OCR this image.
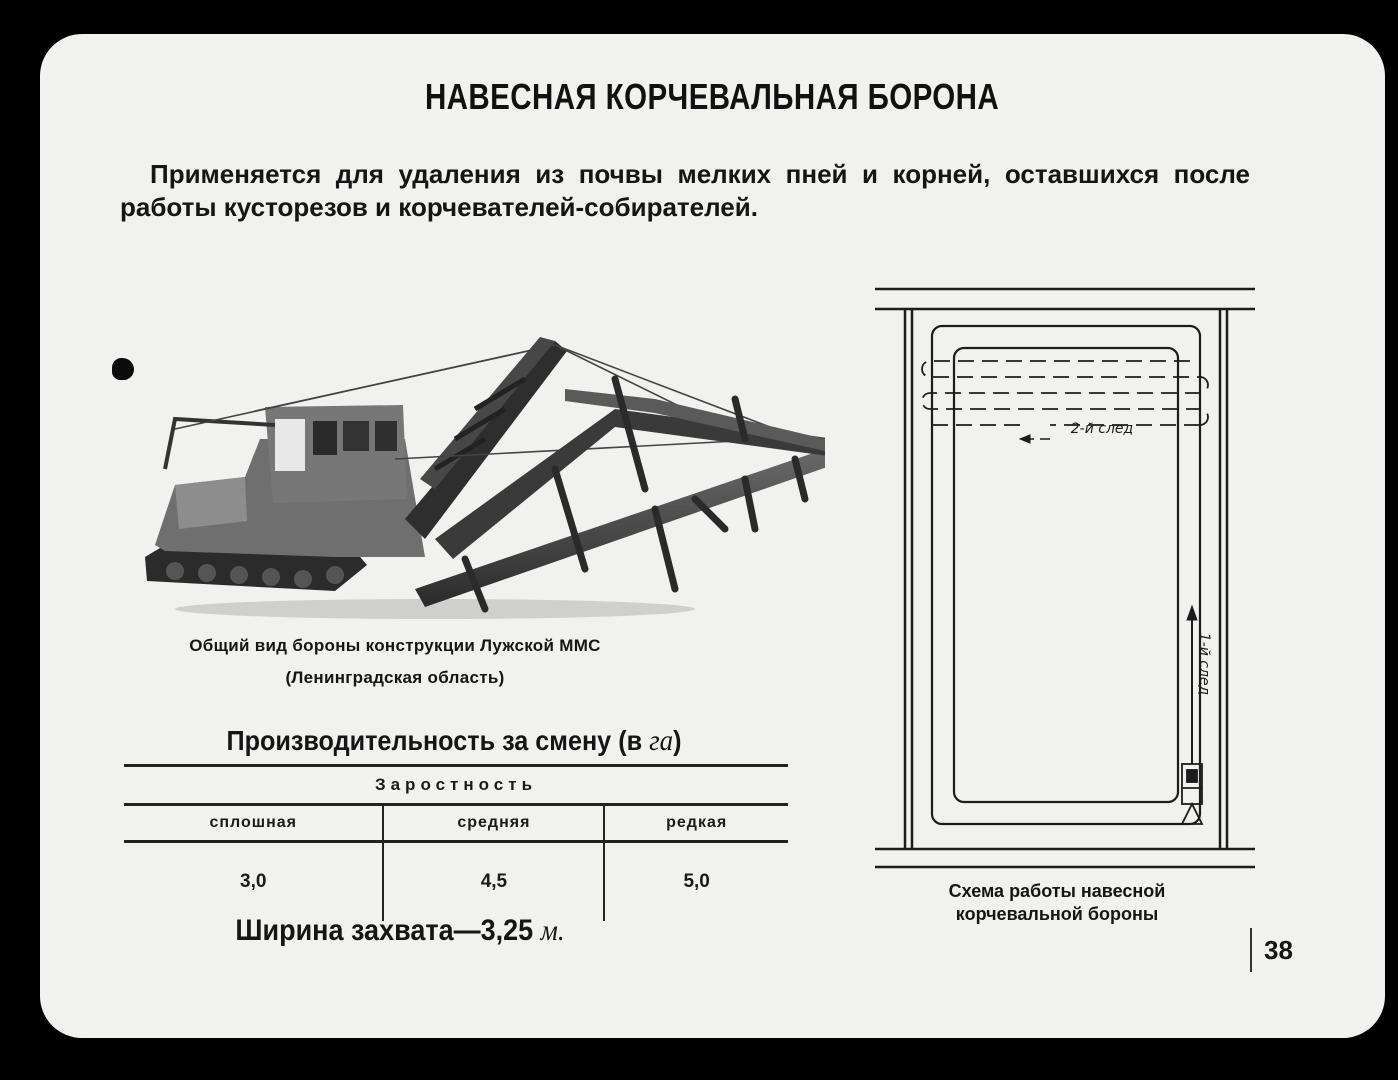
НАВЕСНАЯ КОРЧЕВАЛЬНАЯ БОРОНА
Применяется для удаления из почвы мелких пней и корней, оставшихся после
работы кусторезов и корчевателей-собирателей.
Общий вид бороны конструкции Лужской ММС
(Ленинградская область)
Производительность за смену (в га)
Заростность		
сплошная	средняя	редкая
3,0	4,5	5,0
Ширина захвата—3,25 м.
2-й след
1-й след
Схема работы навесной
корчевальной бороны
38
